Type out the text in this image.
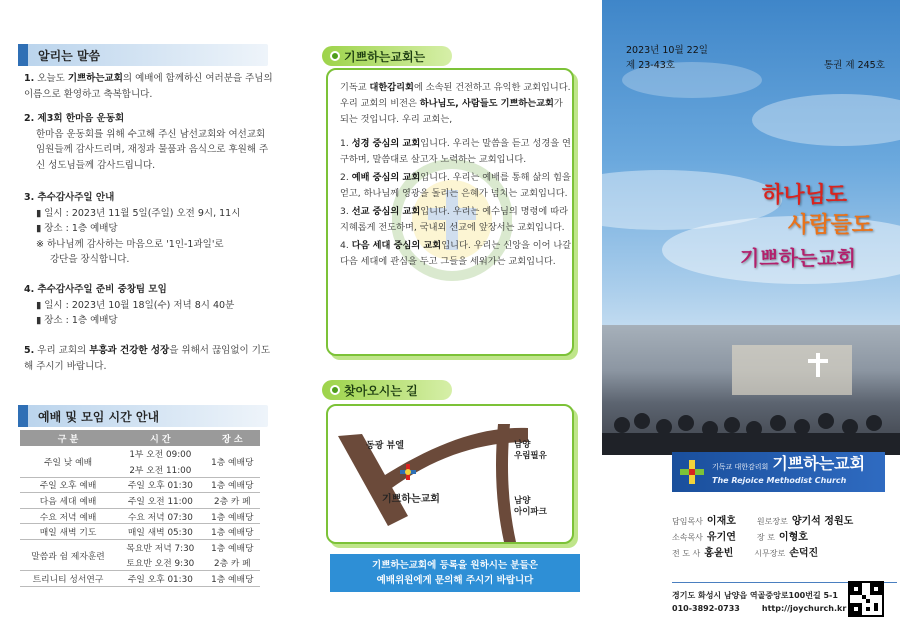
알리는 말씀
1. 오늘도 기쁘하는교회의 예배에 함께하신 여러분을 주님의 이름으로 환영하고 축복합니다.
2. 제3회 한마음 운동회
한마음 운동회를 위해 수고해 주신 남선교회와 여선교회 임원들께 감사드리며, 재정과 물품과 음식으로 후원해 주신 성도님들께 감사드립니다.
3. 추수감사주일 안내
▮ 일시 : 2023년 11월 5일(주일) 오전 9시, 11시
▮ 장소 : 1층 예배당
※ 하나님께 감사하는 마음으로 '1인-1과일'로
강단을 장식합니다.
4. 추수감사주일 준비 중창팀 모임
▮ 일시 : 2023년 10월 18일(수) 저녁 8시 40분
▮ 장소 : 1층 예배당
5. 우리 교회의 부흥과 건강한 성장을 위해서 끊임없이 기도해 주시기 바랍니다.
예배 및 모임 시간 안내
구 분	시 간	장 소
주일 낮 예배	1부 오전 09:00	1층 예배당
	2부 오전 11:00	
주일 오후 예배	주일 오후 01:30	1층 예배당
다음 세대 예배	주일 오전 11:00	2층 카 페
수요 저녁 예배	수요 저녁 07:30	1층 예배당
매일 새벽 기도	매일 새벽 05:30	1층 예배당
말씀과 쉼 제자훈련	목요반 저녁 7:30	1층 예배당
	토요반 오전 9:30	2층 카 페
트리니티 성서연구	주일 오후 01:30	1층 예배당
기쁘하는교회는
기독교 대한감리회에 소속된 건전하고 유익한 교회입니다. 우리 교회의 비전은 하나님도, 사람들도 기쁘하는교회가 되는 것입니다. 우리 교회는,
1. 성경 중심의 교회입니다. 우리는 말씀을 듣고 성경을 연구하며, 말씀대로 살고자 노력하는 교회입니다.
2. 예배 중심의 교회입니다. 우리는 예배를 통해 삶의 힘을 얻고, 하나님께 영광을 돌리는 은혜가 넘치는 교회입니다.
3. 선교 중심의 교회입니다. 우리는 예수님의 명령에 따라 지혜롭게 전도하며, 국내외 선교에 앞장서는 교회입니다.
4. 다음 세대 중심의 교회입니다. 우리는 신앙을 이어 나갈 다음 세대에 관심을 두고 그들을 세워가는 교회입니다.
찾아오시는 길
동광 뷰엘
기쁘하는교회
남양
우림필유
남양
아이파크
기쁘하는교회에 등록을 원하시는 분들은
예배위원에게 문의해 주시기 바랍니다
2023년 10월 22일
제 23-43호	통권 제 245호
하나님도
사람들도
기쁘하는교회
기독교 대한감리회 기쁘하는교회
The Rejoice Methodist Church
담임목사 이재호	원로장로 양기석 정원도
소속목사 유기연	장 로 이형호
전 도 사 홍윤빈	시무장로 손덕진
경기도 화성시 남양읍 역골중앙로100번길 5-1
010-3892-0733	http://joychurch.kr
